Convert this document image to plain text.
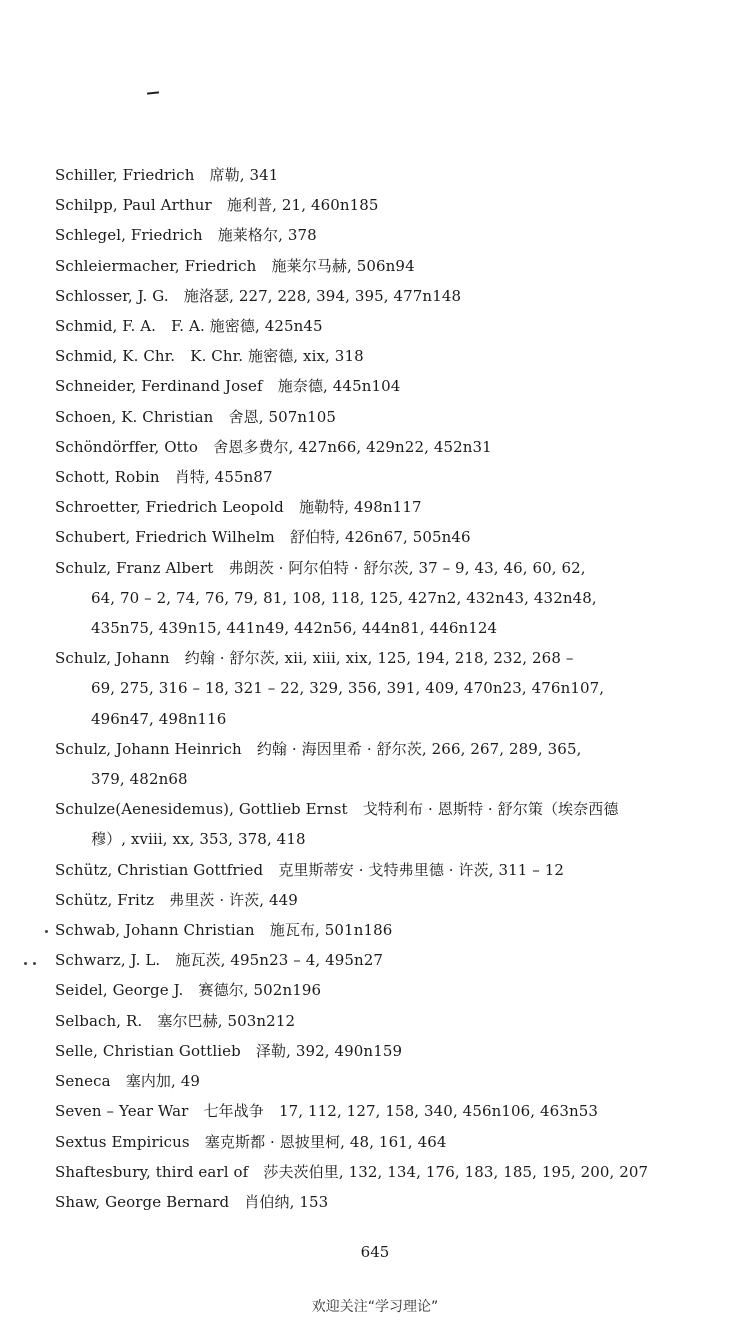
Schiller, Friedrich　席勒, 341
Schilpp, Paul Arthur　施利普, 21, 460n185
Schlegel, Friedrich　施莱格尔, 378
Schleiermacher, Friedrich　施莱尔马赫, 506n94
Schlosser, J. G.　施洛瑟, 227, 228, 394, 395, 477n148
Schmid, F. A.　F. A. 施密德, 425n45
Schmid, K. Chr.　K. Chr. 施密德, xix, 318
Schneider, Ferdinand Josef　施奈德, 445n104
Schoen, K. Christian　舍恩, 507n105
Schöndörffer, Otto　舍恩多费尔, 427n66, 429n22, 452n31
Schott, Robin　肖特, 455n87
Schroetter, Friedrich Leopold　施勒特, 498n117
Schubert, Friedrich Wilhelm　舒伯特, 426n67, 505n46
Schulz, Franz Albert　弗朗茨 · 阿尔伯特 · 舒尔茨, 37 – 9, 43, 46, 60, 62,
64, 70 – 2, 74, 76, 79, 81, 108, 118, 125, 427n2, 432n43, 432n48,
435n75, 439n15, 441n49, 442n56, 444n81, 446n124
Schulz, Johann　约翰 · 舒尔茨, xii, xiii, xix, 125, 194, 218, 232, 268 –
69, 275, 316 – 18, 321 – 22, 329, 356, 391, 409, 470n23, 476n107,
496n47, 498n116
Schulz, Johann Heinrich　约翰 · 海因里希 · 舒尔茨, 266, 267, 289, 365,
379, 482n68
Schulze(Aenesidemus), Gottlieb Ernst　戈特利布 · 恩斯特 · 舒尔策（埃奈西德
穆）, xviii, xx, 353, 378, 418
Schütz, Christian Gottfried　克里斯蒂安 · 戈特弗里德 · 许茨, 311 – 12
Schütz, Fritz　弗里茨 · 许茨, 449
Schwab, Johann Christian　施瓦布, 501n186
Schwarz, J. L.　施瓦茨, 495n23 – 4, 495n27
Seidel, George J.　赛德尔, 502n196
Selbach, R.　塞尔巴赫, 503n212
Selle, Christian Gottlieb　泽勒, 392, 490n159
Seneca　塞内加, 49
Seven – Year War　七年战争　17, 112, 127, 158, 340, 456n106, 463n53
Sextus Empiricus　塞克斯都 · 恩披里柯, 48, 161, 464
Shaftesbury, third earl of　莎夫茨伯里, 132, 134, 176, 183, 185, 195, 200, 207
Shaw, George Bernard　肖伯纳, 153
645
欢迎关注“学习理论”
